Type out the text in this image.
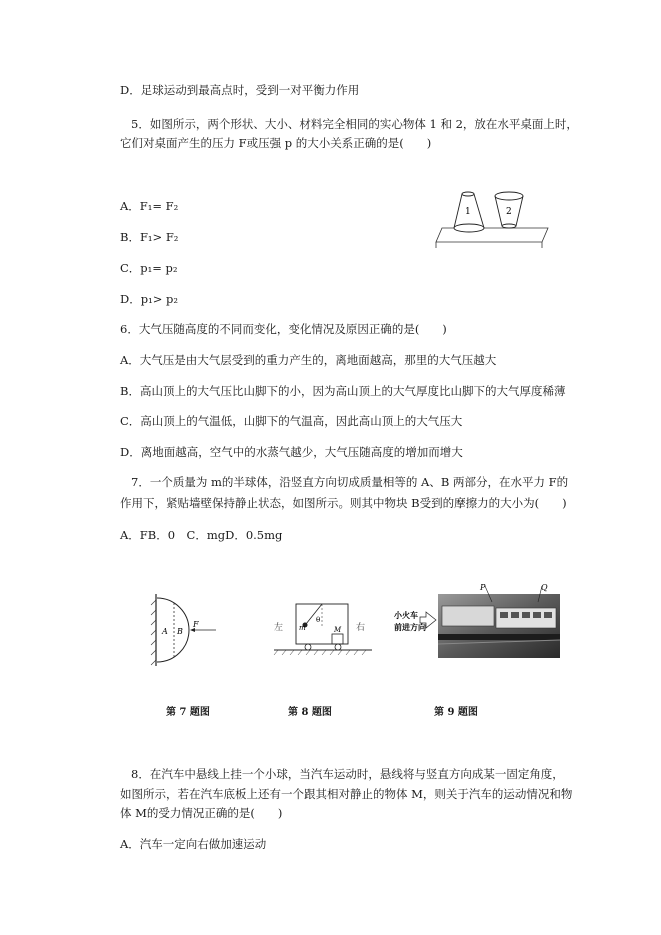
D．足球运动到最高点时，受到一对平衡力作用
5．如图所示，两个形状、大小、材料完全相同的实心物体 1 和 2，放在水平桌面上时，
它们对桌面产生的压力 F或压强 p 的大小关系正确的是(　　)
A．F₁= F₂
B．F₁> F₂
C．p₁= p₂
D．p₁> p₂
6．大气压随高度的不同而变化，变化情况及原因正确的是(　　)
A．大气压是由大气层受到的重力产生的，离地面越高，那里的大气压越大
B．高山顶上的大气压比山脚下的小，因为高山顶上的大气厚度比山脚下的大气厚度稀薄
C．高山顶上的气温低，山脚下的气温高，因此高山顶上的大气压大
D．离地面越高，空气中的水蒸气越少，大气压随高度的增加而增大
7．一个质量为 m的半球体，沿竖直方向切成质量相等的 A、B 两部分，在水平力 F的
作用下，紧贴墙壁保持静止状态，如图所示。则其中物块 B受到的摩擦力的大小为(　　)
A．FB．0　C．mgD．0.5mg
8．在汽车中悬线上挂一个小球，当汽车运动时，悬线将与竖直方向成某一固定角度，
如图所示，若在汽车底板上还有一个跟其相对静止的物体 M，则关于汽车的运动情况和物
体 M的受力情况正确的是(　　)
A．汽车一定向右做加速运动
1	2
A B
F	左	右
m
θ
M
P	Q
小火车
前进方向
第 7 题图	第 8 题图	第 9 题图
